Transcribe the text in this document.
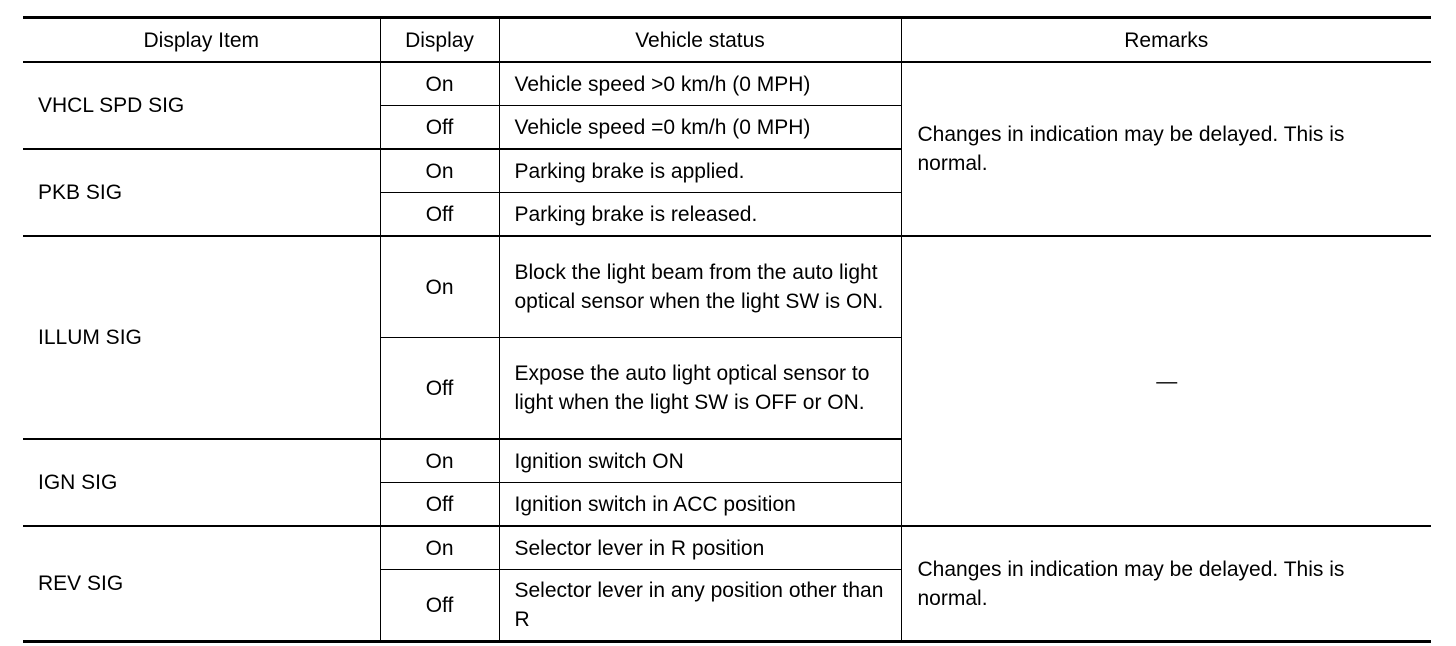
Display Item	Display	Vehicle status	Remarks
VHCL SPD SIG	On	Vehicle speed >0 km/h (0 MPH)	Changes in indication may be delayed. This is normal.
	Off	Vehicle speed =0 km/h (0 MPH)	
PKB SIG	On	Parking brake is applied.	
	Off	Parking brake is released.	
ILLUM SIG	On	Block the light beam from the auto light optical sensor when the light SW is ON.	—
	Off	Expose the auto light optical sensor to light when the light SW is OFF or ON.	
IGN SIG	On	Ignition switch ON	
	Off	Ignition switch in ACC position	
REV SIG	On	Selector lever in R position	Changes in indication may be delayed. This is normal.
	Off	Selector lever in any position other than R	
